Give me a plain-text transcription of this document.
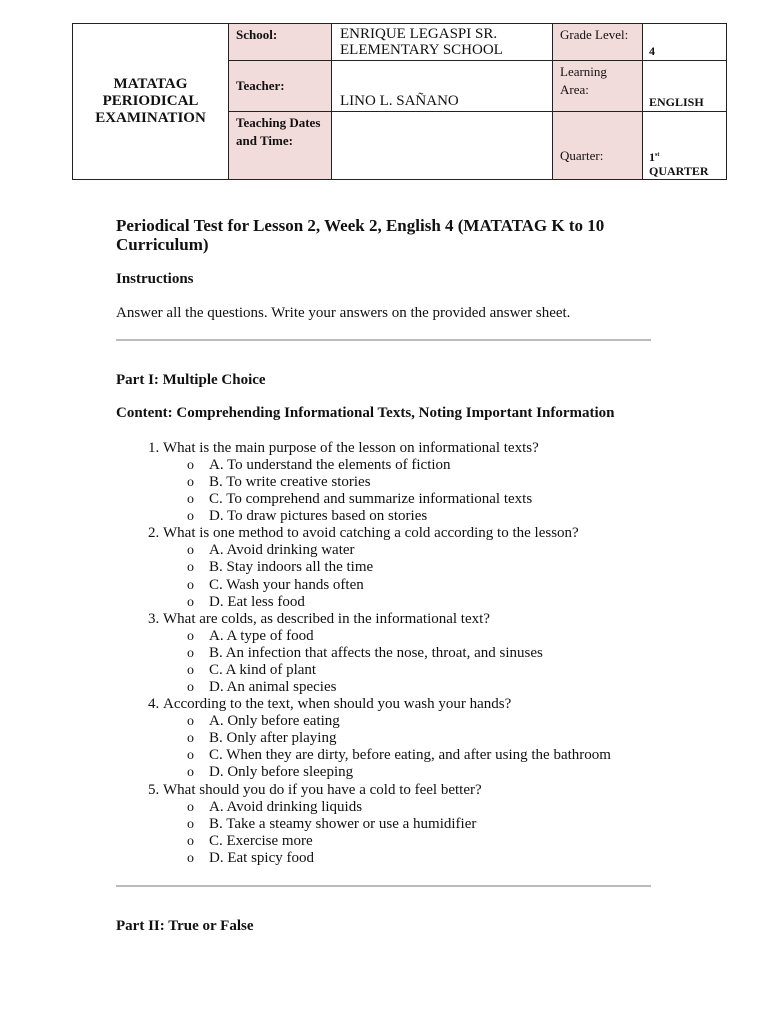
MATATAG PERIODICAL EXAMINATION	School:	ENRIQUE LEGASPI SR. ELEMENTARY SCHOOL	Grade Level:	4
	Teacher:	LINO L. SAÑANO	Learning Area:	ENGLISH
	Teaching Dates and Time:		Quarter:	1st
QUARTER
Periodical Test for Lesson 2, Week 2, English 4 (MATATAG K to 10 Curriculum)
Instructions

Answer all the questions. Write your answers on the provided answer sheet.

Part I: Multiple Choice
Content: Comprehending Informational Texts, Noting Important Information
1. What is the main purpose of the lesson on informational texts?
o A. To understand the elements of fiction
o B. To write creative stories
o C. To comprehend and summarize informational texts
o D. To draw pictures based on stories
2. What is one method to avoid catching a cold according to the lesson?
o A. Avoid drinking water
o B. Stay indoors all the time
o C. Wash your hands often
o D. Eat less food
3. What are colds, as described in the informational text?
o A. A type of food
o B. An infection that affects the nose, throat, and sinuses
o C. A kind of plant
o D. An animal species
4. According to the text, when should you wash your hands?
o A. Only before eating
o B. Only after playing
o C. When they are dirty, before eating, and after using the bathroom
o D. Only before sleeping
5. What should you do if you have a cold to feel better?
o A. Avoid drinking liquids
o B. Take a steamy shower or use a humidifier
o C. Exercise more
o D. Eat spicy food
Part II: True or False
